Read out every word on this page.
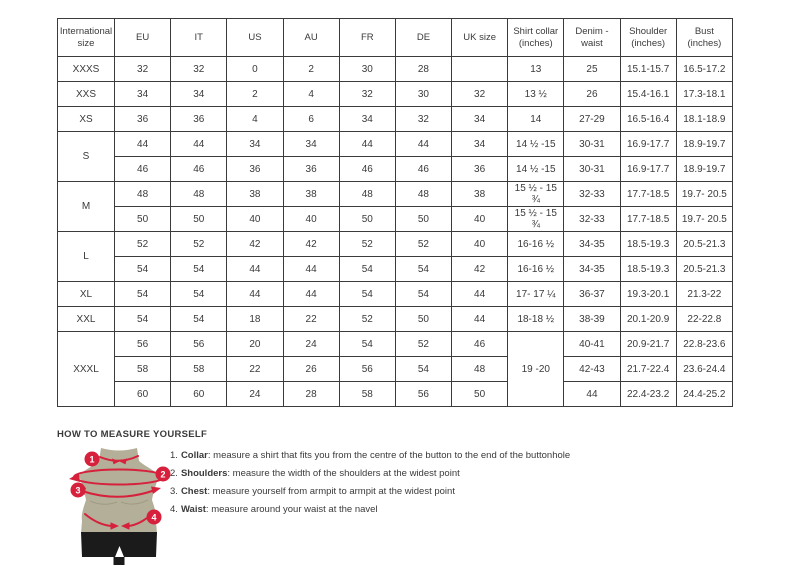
International size	EU	IT	US	AU	FR	DE	UK size	Shirt collar (inches)	Denim - waist	Shoulder (inches)	Bust (inches)
XXXS	32	32	0	2	30	28		13	25	15.1-15.7	16.5-17.2
XXS	34	34	2	4	32	30	32	13 ½	26	15.4-16.1	17.3-18.1
XS	36	36	4	6	34	32	34	14	27-29	16.5-16.4	18.1-18.9
S	44	44	34	34	44	44	34	14 ½ -15	30-31	16.9-17.7	18.9-19.7
	46	46	36	36	46	46	36	14 ½ -15	30-31	16.9-17.7	18.9-19.7
M	48	48	38	38	48	48	38	15 ½ - 15 ¾	32-33	17.7-18.5	19.7- 20.5
	50	50	40	40	50	50	40	15 ½ - 15 ¾	32-33	17.7-18.5	19.7- 20.5
L	52	52	42	42	52	52	40	16-16 ½	34-35	18.5-19.3	20.5-21.3
	54	54	44	44	54	54	42	16-16 ½	34-35	18.5-19.3	20.5-21.3
XL	54	54	44	44	54	54	44	17- 17 ¼	36-37	19.3-20.1	21.3-22
XXL	54	54	18	22	52	50	44	18-18 ½	38-39	20.1-20.9	22-22.8
XXXL	56	56	20	24	54	52	46	19 -20	40-41	20.9-21.7	22.8-23.6
	58	58	22	26	56	54	48		42-43	21.7-22.4	23.6-24.4
	60	60	24	28	58	56	50		44	22.4-23.2	24.4-25.2
HOW TO MEASURE YOURSELF
1. Collar: measure a shirt that fits you from the centre of the button to the end of the buttonhole
2. Shoulders: measure the width of the shoulders at the widest point
3. Chest: measure yourself from armpit to armpit at the widest point
4. Waist: measure around your waist at the navel
1
2
3
4
